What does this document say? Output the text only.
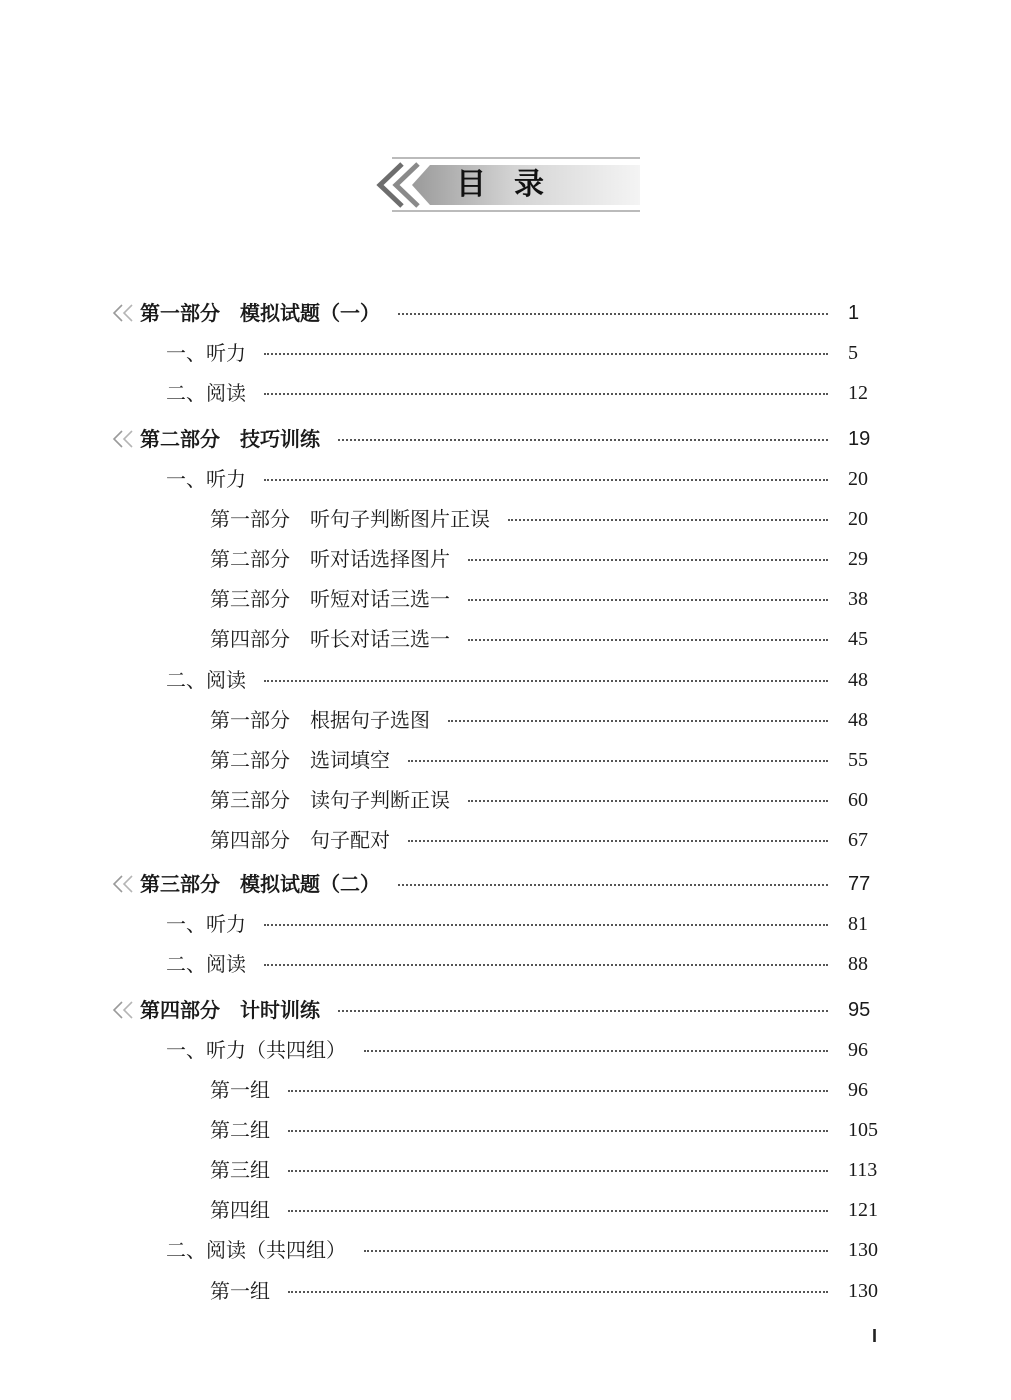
目录
第一部分　模拟试题（一）	1
一、听力	5
二、阅读	12
第二部分　技巧训练	19
一、听力	20
第一部分　听句子判断图片正误	20
第二部分　听对话选择图片	29
第三部分　听短对话三选一	38
第四部分　听长对话三选一	45
二、阅读	48
第一部分　根据句子选图	48
第二部分　选词填空	55
第三部分　读句子判断正误	60
第四部分　句子配对	67
第三部分　模拟试题（二）	77
一、听力	81
二、阅读	88
第四部分　计时训练	95
一、听力（共四组）	96
第一组	96
第二组	105
第三组	113
第四组	121
二、阅读（共四组）	130
第一组	130
I
